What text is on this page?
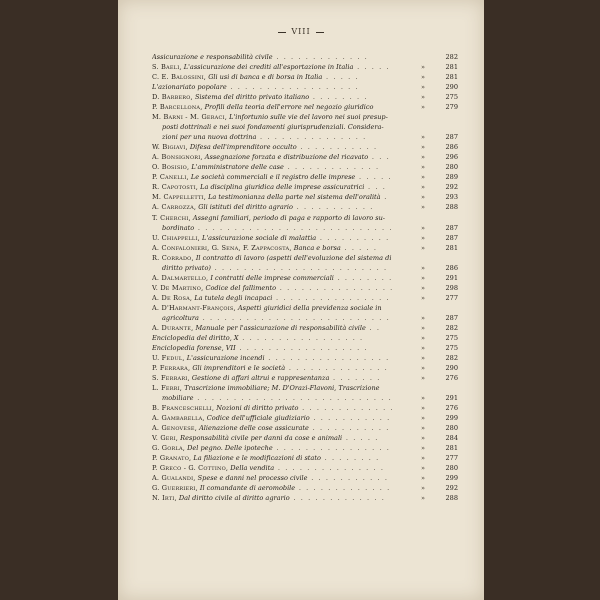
VIII
Assicurazione e responsabilità civile . . . . . . . . . . . . .	282
S. Baeli, L'assicurazione dei crediti all'esportazione in Italia . . . . .	»	281
C. E. Balossini, Gli usi di banca e di borsa in Italia . . . . .	»	281
L'azionariato popolare . . . . . . . . . . . . . . . . . .	»	290
D. Barbero, Sistema del diritto privato italiano . . . . . . . .	»	275
P. Barcellona, Profili della teoria dell'errore nel negozio giuridico	»	279
M. Barni - M. Geraci, L'infortunio sulle vie del lavoro nei suoi presup-
posti dottrinali e nei suoi fondamenti giurisprudenziali. Considera-
zioni per una nuova dottrina . . . . . . . . . . . . . . .	»	287
W. Bigiavi, Difesa dell'imprenditore occulto . . . . . . . . . . .	»	286
A. Bonsignori, Assegnazione forzata e distribuzione del ricavato . . .	»	296
O. Bosisio, L'amministratore delle case . . . . . . . . . . . . .	»	280
P. Canelli, Le società commerciali e il registro delle imprese . . . . .	»	289
R. Capotosti, La disciplina giuridica delle imprese assicuratrici . . .	»	292
M. Cappelletti, La testimonianza della parte nel sistema dell'oralità .	»	293
A. Carrozza, Gli istituti del diritto agrario . . . . . . . . . . .	»	288
T. Cherchi, Assegni familiari, periodo di paga e rapporto di lavoro su-
bordinato . . . . . . . . . . . . . . . . . . . . . . . . . . .	»	287
U. Chiappelli, L'assicurazione sociale di malattia . . . . . . . . . .	»	287
A. Confalonieri, G. Sena, F. Zappacosta, Banca e borsa . . . . .	»	281
R. Corrado, Il contratto di lavoro (aspetti dell'evoluzione del sistema di
diritto privato) . . . . . . . . . . . . . . . . . . . . . . . .	»	286
A. Dalmartello, I contratti delle imprese commerciali . . . . . . . .	»	291
V. De Martino, Codice del fallimento . . . . . . . . . . . . . . . .	»	298
A. De Rosa, La tutela degli incapaci . . . . . . . . . . . . . . . .	»	277
A. D'Harmant-François, Aspetti giuridici della previdenza sociale in
agricoltura . . . . . . . . . . . . . . . . . . . . . . . . . .	»	287
A. Durante, Manuale per l'assicurazione di responsabilità civile . .	»	282
Enciclopedia del diritto, X . . . . . . . . . . . . . . . . .	»	275
Enciclopedia forense, VII . . . . . . . . . . . . . . . . . .	»	275
U. Fedul, L'assicurazione incendi . . . . . . . . . . . . . . . . .	»	282
P. Ferrara, Gli imprenditori e le società . . . . . . . . . . . . . .	»	290
S. Ferrari, Gestione di affari altrui e rappresentanza . . . . . . .	»	276
L. Ferri, Trascrizione immobiliare; M. D'Orazi-Flavoni, Trascrizione
mobiliare . . . . . . . . . . . . . . . . . . . . . . . . . . .	»	291
B. Franceschelli, Nozioni di diritto privato . . . . . . . . . . . . .	»	276
A. Gambarella, Codice dell'ufficiale giudiziario . . . . . . . . . . .	»	299
A. Genovese, Alienazione delle cose assicurate . . . . . . . . . . .	»	280
V. Geri, Responsabilità civile per danni da cose e animali . . . . .	»	284
G. Gorla, Del pegno. Delle ipoteche . . . . . . . . . . . . . . . .	»	281
P. Granato, La filiazione e le modificazioni di stato . . . . . . . .	»	277
P. Greco - G. Cottino, Della vendita . . . . . . . . . . . . . . .	»	280
A. Gualandi, Spese e danni nel processo civile . . . . . . . . . . .	»	299
G. Guerrieri, Il comandante di aeromobile . . . . . . . . . . . . .	»	292
N. Irti, Dal diritto civile al diritto agrario . . . . . . . . . . . . .	»	288
